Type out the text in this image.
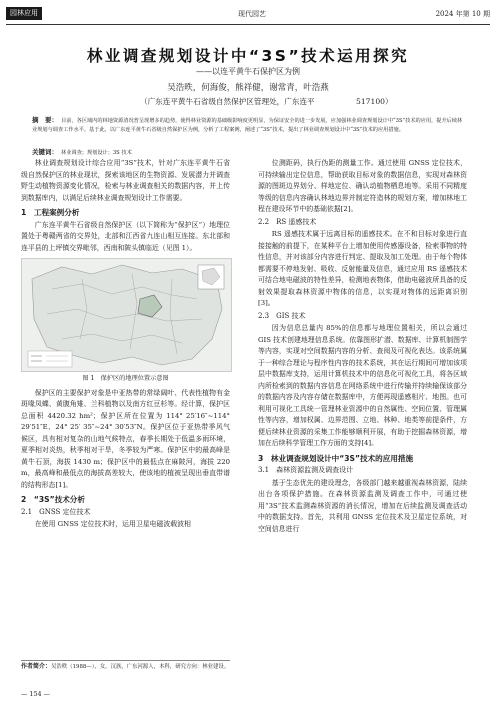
园林应用	现代园艺	2024 年第 10 期
林业调查规划设计中“3S”技术运用探究
——以连平黄牛石保护区为例
吴浩昳，何海俊，熊祥健，谢常青，叶浩燕
（广东连平黄牛石省级自然保护区管理处，广东连平	517100）
摘　要： 目前，各区域内的林地资源清况普呈现增多的趋势，使得林业资源的基础级影响度更明显，为保证安全的进一步发展，应加强林业调查规划设计中“3S”技术的应用，提升后续林业规划与调查工作水平。基于此，以广东连平黄牛石省级自然保护区为例，分析了工程案例，阐述了“3S”技术，提出了林业调查规划设计中“3S”技术的应用措施。
关键词： 林业调查；规划设计；3S 技术

林业调查规划设计综合应用“3S”技术，针对广东连平黄牛石省级自然保护区的林业现状，探索该地区的生物资源、发展潜力并调查野生动植物资源变化情况，检索与林业调查相关的数据内容，并上传到数据库内，以满足后续林业调查规划设计工作需要。

1　工程案例分析

广东连平黄牛石省级自然保护区（以下简称为“保护区”）地理位置处于粤赣两省的交界处，北部和江西省九连山相互连接。东北部和连平县的上坪镇交界毗邻，西南和陂头镇临近（见图 1）。

图 1　保护区的地理位置示意图

保护区的主要保护对象是中亚热带的常绿阔叶、代表性植物有金斑喙凤蝶、黄腹角雉、兰科植物以及南方红豆杉等。经计算，保护区总面积 4420.32 hm²；保护区所在位置为 114° 25′16″~114° 29′51″E、24° 25′ 35″~24° 30′53″N。保护区位于亚热带季风气候区，具有相对复杂的山地气候特点，春季长期处于低温多雨环境，夏季相对炎热，秋季相对干旱，冬季较为严寒。保护区中的最高峰是黄牛石顶，海拔 1430 m；保护区中的最低点在麻陂河，海拔 220 m，最高峰和最低点的海拔高差较大，使该地的植被呈现出垂直带谱的结构形态[1]。

2　“3S”技术分析
2.1　GNSS 定位技术

在使用 GNSS 定位技术时，运用卫星电磁波载波相

作者简介：吴浩昳（1988—），女，汉族，广东河源人，本科，研究方向：林业建设。
— 154 —

位测距码，执行伪距的测量工作。通过使用 GNSS 定位技术，可持续输出定位信息，帮助获取目标对象的数据信息，实现对森林资源的图斑边界划分、样地定位、确认动植物栖息地等。采用不同精度等级的信息内容确认林地边界并制定符造林的规划方案，增加林地工程在建设环节中的基础依据[2]。

2.2　RS 遥感技术

RS 遥感技术属于远离目标的遥感技术。在不和目标对象进行直接接触的前提下，在某种平台上增加使用传感器设备，检索事物的特性信息，并对该部分内容进行判定、提取及加工处理。由于每个物体都需要不停地发射、吸收、反射能量及信息，通过应用 RS 遥感技术可结合地电磁波的特性差异，检测地表物体，借助电磁波所具备的反射效果提取森林资源中物体的信息，以实现对物体的远距离识别[3]。

2.3　GIS 技术

因为信息总量内 85%的信息都与地理位置相关，所以会通过 GIS 技术创建地理信息系统。依靠图形扩潜、数据库、计算机制图学等内容，实现对空间数据内容的分析、查阅及可视化表达。该系统属于一种综合理论与程序性内容的技术系统，其在运行期间可增加该项层中数据库支持，运用计算机技术中的信息化可视化工具，将各区域内所检索到的数据内容信息在网络系统中进行传输并持续输保该部分的数据内容及内容存储在数据库中，方便再现遥感相片、地图。也可利用可视化工具统一管理林业资源中的自然属性、空间位置、管理属性等内容，增加权属、边界范围、立地、林种、地类等前提条件，方便后续林业资源的采集工作能够顺利开展，有助于挖掘森林资源，增加在后续科学管理工作方面的支持[4]。

3　林业调查规划设计中“3S”技术的应用措施
3.1　森林资源监测及调查设计

基于生态优先的建设理念，各级部门越来越重视森林资源，陆续出台各项保护措施。在森林资源监测及调查工作中，可通过使用“3S”技术监测森林资源的消长情况，增加在后续监测及调查活动中的数据支持。首先，共利用 GNSS 定位技术及卫星定位系统，对空间信息进行
